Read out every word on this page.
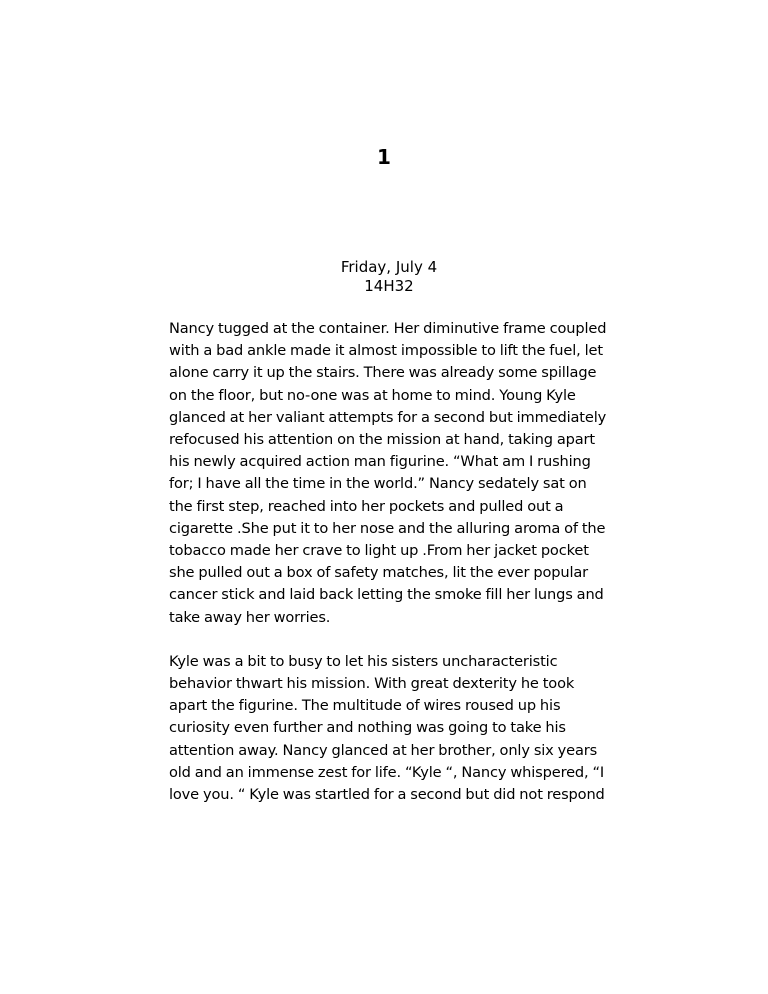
1
Friday, July 4
14H32

Nancy tugged at the container. Her diminutive frame coupled with a bad ankle made it almost impossible to lift the fuel, let alone carry it up the stairs. There was already some spillage on the floor, but no-one was at home to mind. Young Kyle glanced at her valiant attempts for a second but immediately refocused his attention on the mission at hand, taking apart his newly acquired action man figurine. “What am I rushing for; I have all the time in the world.” Nancy sedately sat on the first step, reached into her pockets and pulled out a cigarette .She put it to her nose and the alluring aroma of the tobacco made her crave to light up .From her jacket pocket she pulled out a box of safety matches, lit the ever popular cancer stick and laid back letting the smoke fill her lungs and take away her worries.

Kyle was a bit to busy to let his sisters uncharacteristic behavior thwart his mission. With great dexterity he took apart the figurine. The multitude of wires roused up his curiosity even further and nothing was going to take his attention away. Nancy glanced at her brother, only six years old and an immense zest for life. “Kyle “, Nancy whispered, “I love you. “ Kyle was startled for a second but did not respond
